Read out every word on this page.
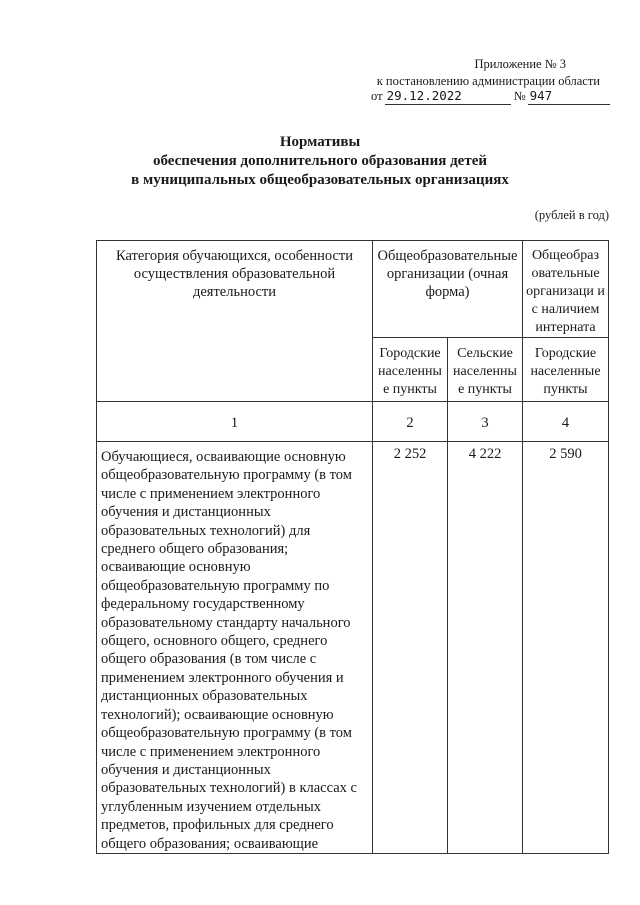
Приложение № 3
к постановлению администрации области
от 29.12.2022	№ 947
Нормативы
обеспечения дополнительного образования детей
в муниципальных общеобразовательных организациях
(рублей в год)
Категория обучающихся, особенности осуществления образовательной деятельности	Общеобразовательные организации (очная форма)		Общеобраз овательные организаци и с наличием интерната
	Городские населенны е пункты	Сельские населенны е пункты	Городские населенные пункты
1	2	3	4
Обучающиеся, осваивающие основную общеобразовательную программу (в том числе с применением электронного обучения и дистанционных образовательных технологий) для среднего общего образования; осваивающие основную общеобразовательную программу по федеральному государственному образовательному стандарту начального общего, основного общего, среднего общего образования (в том числе с применением электронного обучения и дистанционных образовательных технологий); осваивающие основную общеобразовательную программу (в том числе с применением электронного обучения и дистанционных образовательных технологий) в классах с углубленным изучением отдельных предметов, профильных для среднего общего образования; осваивающие	2 252	4 222	2 590
